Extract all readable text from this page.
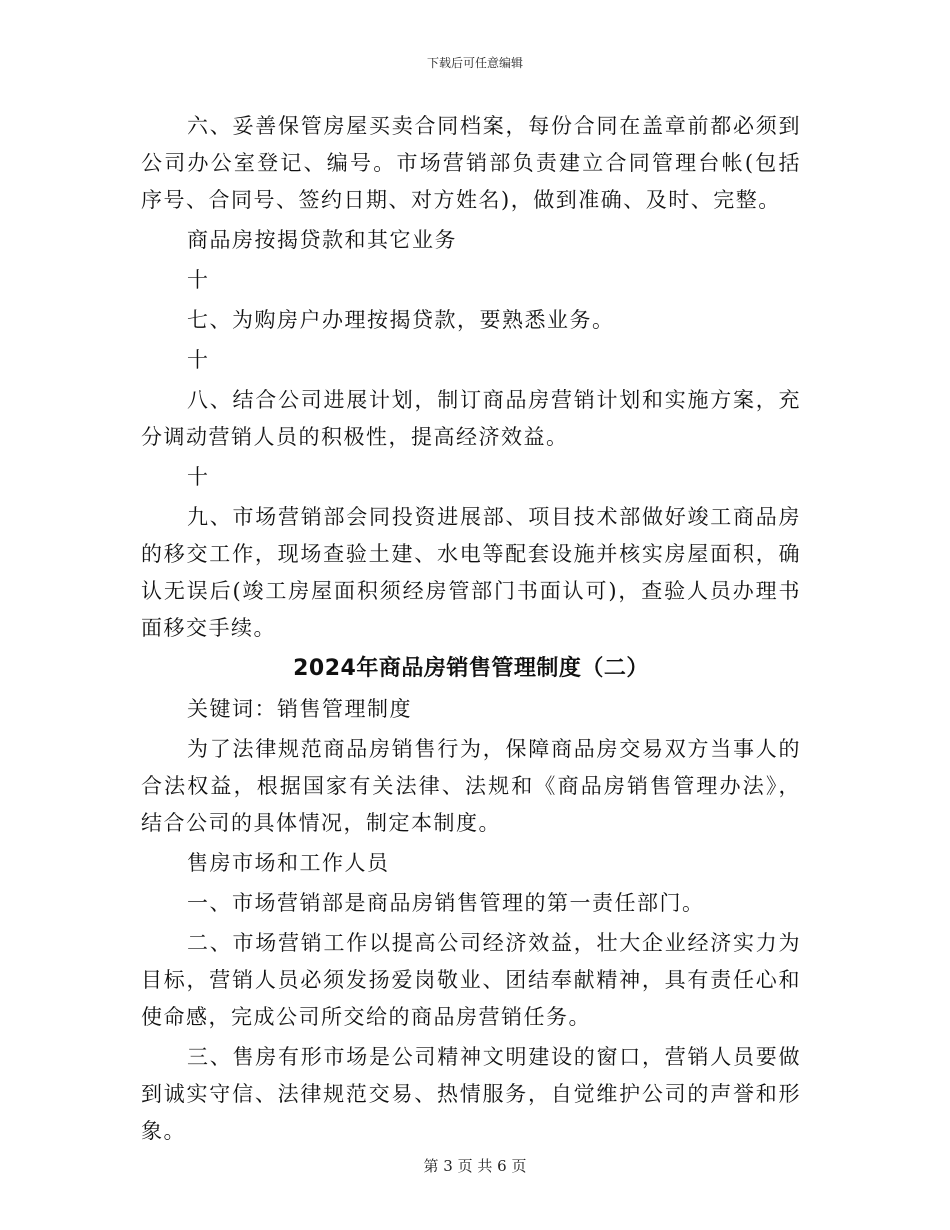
下载后可任意编辑

六、妥善保管房屋买卖合同档案，每份合同在盖章前都必须到公司办公室登记、编号。市场营销部负责建立合同管理台帐(包括序号、合同号、签约日期、对方姓名)，做到准确、及时、完整。

商品房按揭贷款和其它业务

十

七、为购房户办理按揭贷款，要熟悉业务。

十

八、结合公司进展计划，制订商品房营销计划和实施方案，充分调动营销人员的积极性，提高经济效益。

十

九、市场营销部会同投资进展部、项目技术部做好竣工商品房的移交工作，现场查验土建、水电等配套设施并核实房屋面积，确认无误后(竣工房屋面积须经房管部门书面认可)，查验人员办理书面移交手续。

2024年商品房销售管理制度（二）

关键词：销售管理制度

为了法律规范商品房销售行为，保障商品房交易双方当事人的合法权益，根据国家有关法律、法规和《商品房销售管理办法》，结合公司的具体情况，制定本制度。

售房市场和工作人员

一、市场营销部是商品房销售管理的第一责任部门。

二、市场营销工作以提高公司经济效益，壮大企业经济实力为目标，营销人员必须发扬爱岗敬业、团结奉献精神，具有责任心和使命感，完成公司所交给的商品房营销任务。

三、售房有形市场是公司精神文明建设的窗口，营销人员要做到诚实守信、法律规范交易、热情服务，自觉维护公司的声誉和形象。

第 3 页 共 6 页
